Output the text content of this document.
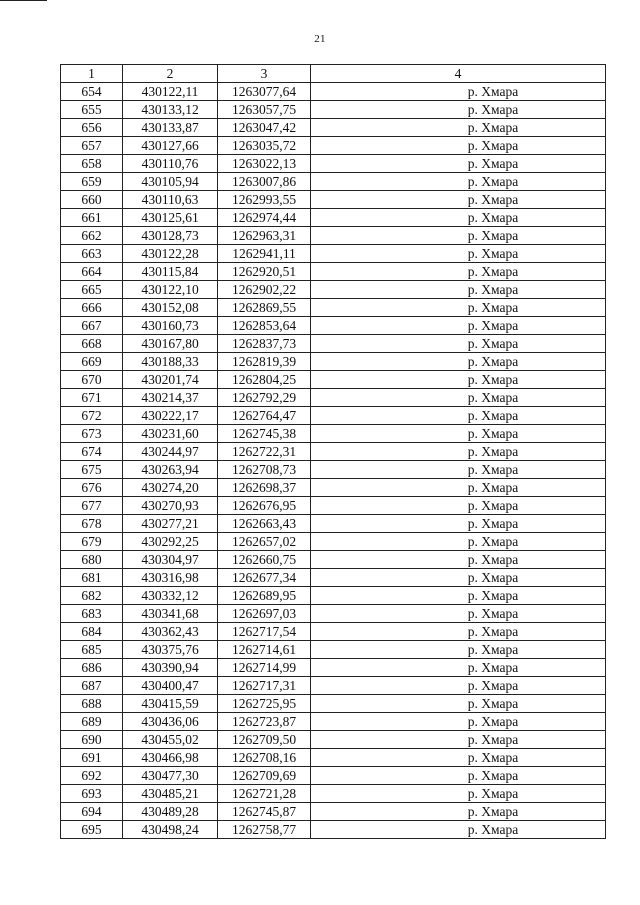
21
1	2	3	4
654	430122,11	1263077,64	р. Хмара
655	430133,12	1263057,75	р. Хмара
656	430133,87	1263047,42	р. Хмара
657	430127,66	1263035,72	р. Хмара
658	430110,76	1263022,13	р. Хмара
659	430105,94	1263007,86	р. Хмара
660	430110,63	1262993,55	р. Хмара
661	430125,61	1262974,44	р. Хмара
662	430128,73	1262963,31	р. Хмара
663	430122,28	1262941,11	р. Хмара
664	430115,84	1262920,51	р. Хмара
665	430122,10	1262902,22	р. Хмара
666	430152,08	1262869,55	р. Хмара
667	430160,73	1262853,64	р. Хмара
668	430167,80	1262837,73	р. Хмара
669	430188,33	1262819,39	р. Хмара
670	430201,74	1262804,25	р. Хмара
671	430214,37	1262792,29	р. Хмара
672	430222,17	1262764,47	р. Хмара
673	430231,60	1262745,38	р. Хмара
674	430244,97	1262722,31	р. Хмара
675	430263,94	1262708,73	р. Хмара
676	430274,20	1262698,37	р. Хмара
677	430270,93	1262676,95	р. Хмара
678	430277,21	1262663,43	р. Хмара
679	430292,25	1262657,02	р. Хмара
680	430304,97	1262660,75	р. Хмара
681	430316,98	1262677,34	р. Хмара
682	430332,12	1262689,95	р. Хмара
683	430341,68	1262697,03	р. Хмара
684	430362,43	1262717,54	р. Хмара
685	430375,76	1262714,61	р. Хмара
686	430390,94	1262714,99	р. Хмара
687	430400,47	1262717,31	р. Хмара
688	430415,59	1262725,95	р. Хмара
689	430436,06	1262723,87	р. Хмара
690	430455,02	1262709,50	р. Хмара
691	430466,98	1262708,16	р. Хмара
692	430477,30	1262709,69	р. Хмара
693	430485,21	1262721,28	р. Хмара
694	430489,28	1262745,87	р. Хмара
695	430498,24	1262758,77	р. Хмара
